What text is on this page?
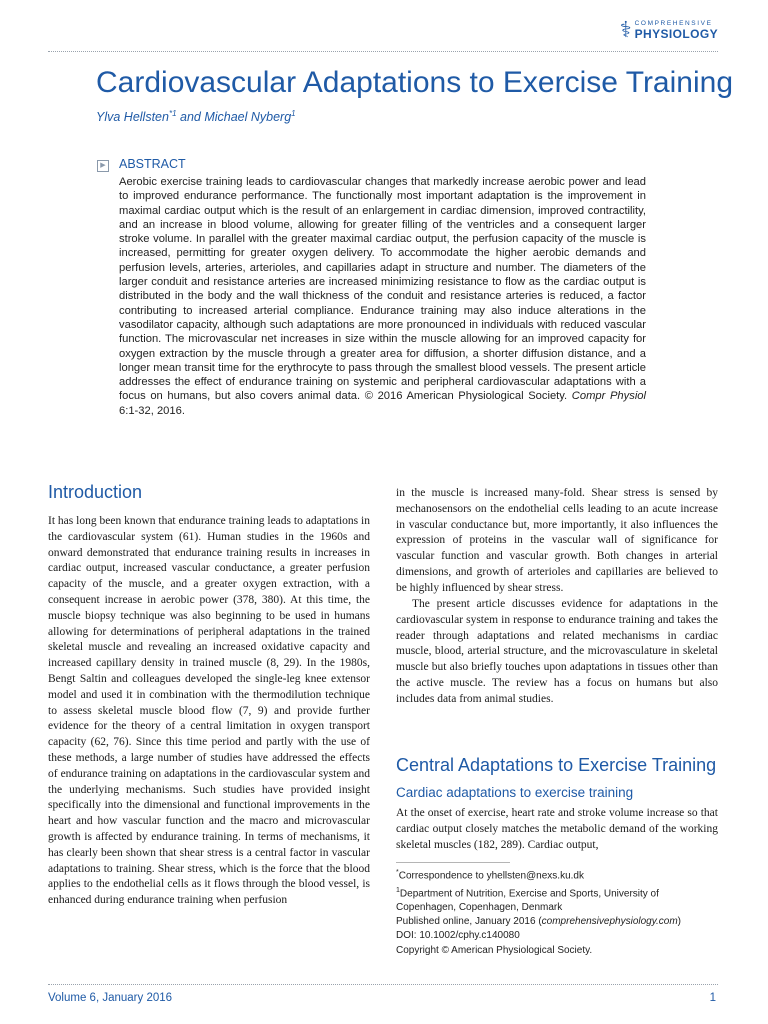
⚕ COMPREHENSIVE
PHYSIOLOGY
Cardiovascular Adaptations to Exercise Training
Ylva Hellsten$^{*1}$ and Michael Nyberg$^1$
▶ ABSTRACT

Aerobic exercise training leads to cardiovascular changes that markedly increase aerobic power and lead to improved endurance performance. The functionally most important adaptation is the improvement in maximal cardiac output which is the result of an enlargement in cardiac dimension, improved contractility, and an increase in blood volume, allowing for greater filling of the ventricles and a consequent larger stroke volume. In parallel with the greater maximal cardiac output, the perfusion capacity of the muscle is increased, permitting for greater oxygen delivery. To accommodate the higher aerobic demands and perfusion levels, arteries, arterioles, and capillaries adapt in structure and number. The diameters of the larger conduit and resistance arteries are increased minimizing resistance to flow as the cardiac output is distributed in the body and the wall thickness of the conduit and resistance arteries is reduced, a factor contributing to increased arterial compliance. Endurance training may also induce alterations in the vasodilator capacity, although such adaptations are more pronounced in individuals with reduced vascular function. The microvascular net increases in size within the muscle allowing for an improved capacity for oxygen extraction by the muscle through a greater area for diffusion, a shorter diffusion distance, and a longer mean transit time for the erythrocyte to pass through the smallest blood vessels. The present article addresses the effect of endurance training on systemic and peripheral cardiovascular adaptations with a focus on humans, but also covers animal data. © 2016 American Physiological Society. Compr Physiol 6:1-32, 2016.

Introduction

It has long been known that endurance training leads to adaptations in the cardiovascular system (61). Human studies in the 1960s and onward demonstrated that endurance training results in increases in cardiac output, increased vascular conductance, a greater perfusion capacity of the muscle, and a greater oxygen extraction, with a consequent increase in aerobic power (378, 380). At this time, the muscle biopsy technique was also beginning to be used in humans allowing for determinations of peripheral adaptations in the trained skeletal muscle and revealing an increased oxidative capacity and increased capillary density in trained muscle (8, 29). In the 1980s, Bengt Saltin and colleagues developed the single-leg knee extensor model and used it in combination with the thermodilution technique to assess skeletal muscle blood flow (7, 9) and provide further evidence for the theory of a central limitation in oxygen transport capacity (62, 76). Since this time period and partly with the use of these methods, a large number of studies have addressed the effects of endurance training on adaptations in the cardiovascular system and the underlying mechanisms. Such studies have provided insight specifically into the dimensional and functional improvements in the heart and how vascular function and the macro and microvascular growth is affected by endurance training. In terms of mechanisms, it has clearly been shown that shear stress is a central factor in vascular adaptations to training. Shear stress, which is the force that the blood applies to the endothelial cells as it flows through the blood vessel, is enhanced during endurance training when perfusion

in the muscle is increased many-fold. Shear stress is sensed by mechanosensors on the endothelial cells leading to an acute increase in vascular conductance but, more importantly, it also influences the expression of proteins in the vascular wall of significance for vascular function and vascular growth. Both changes in arterial dimensions, and growth of arterioles and capillaries are believed to be highly influenced by shear stress.

The present article discusses evidence for adaptations in the cardiovascular system in response to endurance training and takes the reader through adaptations and related mechanisms in cardiac muscle, blood, arterial structure, and the microvasculature in skeletal muscle but also briefly touches upon adaptations in tissues other than the active muscle. The review has a focus on humans but also includes data from animal studies.

Central Adaptations to Exercise Training
Cardiac adaptations to exercise training

At the onset of exercise, heart rate and stroke volume increase so that cardiac output closely matches the metabolic demand of the working skeletal muscles (182, 289). Cardiac output,

*Correspondence to yhellsten@nexs.ku.dk
$^1$Department of Nutrition, Exercise and Sports, University of Copenhagen, Copenhagen, Denmark
Published online, January 2016 (comprehensivephysiology.com)
DOI: 10.1002/cphy.c140080
Copyright © American Physiological Society.
Volume 6, January 2016	1
